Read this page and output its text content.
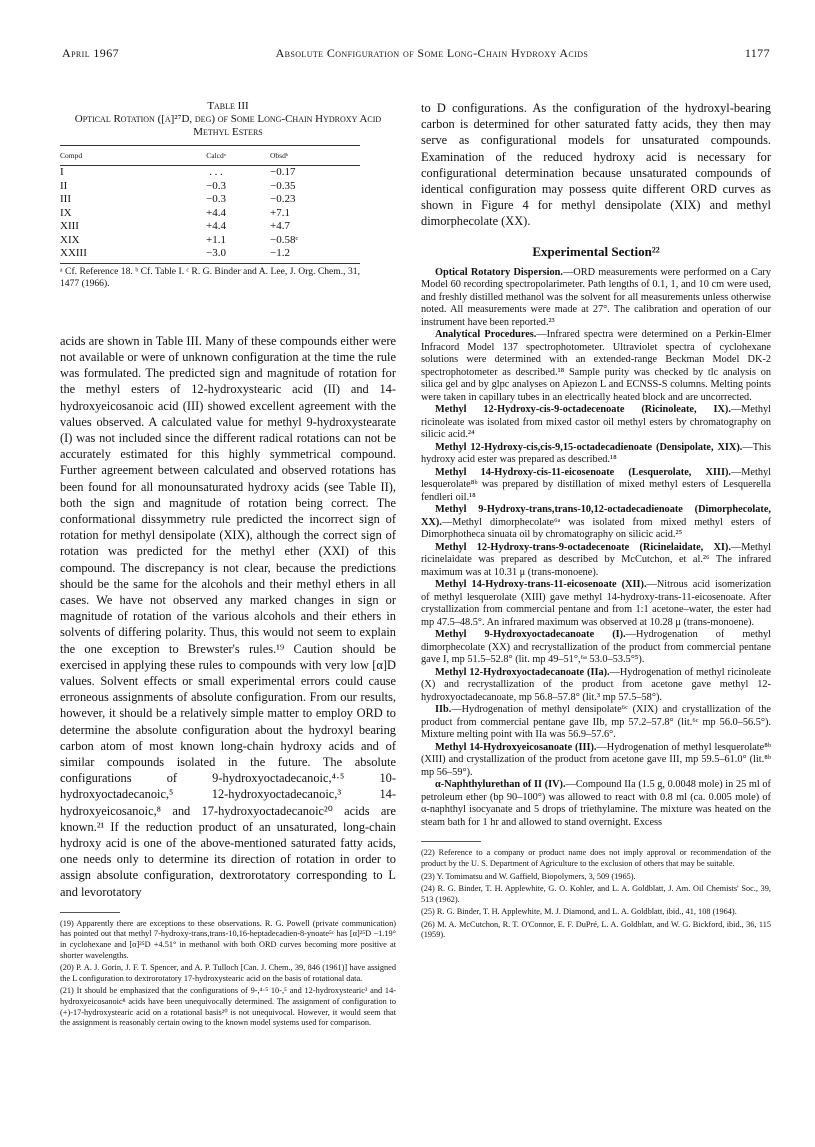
April 1967	Absolute Configuration of Some Long-Chain Hydroxy Acids	1177
Table III
Optical Rotation ([α]²⁷D, deg) of Some Long-Chain Hydroxy Acid Methyl Esters
Compd	Calcdᵃ	Obsdᵇ
I	. . .	−0.17
II	−0.3	−0.35
III	−0.3	−0.23
IX	+4.4	+7.1
XIII	+4.4	+4.7
XIX	+1.1	−0.58ᶜ
XXIII	−3.0	−1.2
ᵃ Cf. Reference 18. ᵇ Cf. Table I. ᶜ R. G. Binder and A. Lee, J. Org. Chem., 31, 1477 (1966).

acids are shown in Table III. Many of these compounds either were not available or were of unknown configuration at the time the rule was formulated. The predicted sign and magnitude of rotation for the methyl esters of 12-hydroxystearic acid (II) and 14-hydroxyeicosanoic acid (III) showed excellent agreement with the values observed. A calculated value for methyl 9-hydroxystearate (I) was not included since the different radical rotations can not be accurately estimated for this highly symmetrical compound. Further agreement between calculated and observed rotations has been found for all monounsaturated hydroxy acids (see Table II), both the sign and magnitude of rotation being correct. The conformational dissymmetry rule predicted the incorrect sign of rotation for methyl densipolate (XIX), although the correct sign of rotation was predicted for the methyl ether (XXI) of this compound. The discrepancy is not clear, because the predictions should be the same for the alcohols and their methyl ethers in all cases. We have not observed any marked changes in sign or magnitude of rotation of the various alcohols and their ethers in solvents of differing polarity. Thus, this would not seem to explain the one exception to Brewster's rules.¹⁹ Caution should be exercised in applying these rules to compounds with very low [α]D values. Solvent effects or small experimental errors could cause erroneous assignments of absolute configuration. From our results, however, it should be a relatively simple matter to employ ORD to determine the absolute configuration about the hydroxyl bearing carbon atom of most known long-chain hydroxy acids and of similar compounds isolated in the future. The absolute configurations of 9-hydroxyoctadecanoic,⁴·⁵ 10-hydroxyoctadecanoic,⁵ 12-hydroxyoctadecanoic,³ 14-hydroxyeicosanoic,⁸ and 17-hydroxyoctadecanoic²⁰ acids are known.²¹ If the reduction product of an unsaturated, long-chain hydroxy acid is one of the above-mentioned saturated fatty acids, one needs only to determine its direction of rotation in order to assign absolute configuration, dextrorotatory corresponding to L and levorotatory

(19) Apparently there are exceptions to these observations. R. G. Powell (private communication) has pointed out that methyl 7-hydroxy-trans,trans-10,16-heptadecadien-8-ynoate⁵ᶜ has [α]²⁵D −1.19° in cyclohexane and [α]²⁵D +4.51° in methanol with both ORD curves becoming more positive at shorter wavelengths.

(20) P. A. J. Gorin, J. F. T. Spencer, and A. P. Tulloch [Can. J. Chem., 39, 846 (1961)] have assigned the L configuration to dextrorotatory 17-hydroxystearic acid on the basis of rotational data.

(21) It should be emphasized that the configurations of 9-,⁴·⁵ 10-,⁵ and 12-hydroxystearic³ and 14-hydroxyeicosanoic⁸ acids have been unequivocally determined. The assignment of configuration to (+)-17-hydroxystearic acid on a rotational basis²⁰ is not unequivocal. However, it would seem that the assignment is reasonably certain owing to the known model systems used for comparison.

to D configurations. As the configuration of the hydroxyl-bearing carbon is determined for other saturated fatty acids, they then may serve as configurational models for unsaturated compounds. Examination of the reduced hydroxy acid is necessary for configurational determination because unsaturated compounds of identical configuration may possess quite different ORD curves as shown in Figure 4 for methyl densipolate (XIX) and methyl dimorphecolate (XX).

Experimental Section²²

Optical Rotatory Dispersion.—ORD measurements were performed on a Cary Model 60 recording spectropolarimeter. Path lengths of 0.1, 1, and 10 cm were used, and freshly distilled methanol was the solvent for all measurements unless otherwise noted. All measurements were made at 27°. The calibration and operation of our instrument have been reported.²³

Analytical Procedures.—Infrared spectra were determined on a Perkin-Elmer Infracord Model 137 spectrophotometer. Ultraviolet spectra of cyclohexane solutions were determined with an extended-range Beckman Model DK-2 spectrophotometer as described.¹⁸ Sample purity was checked by tlc analysis on silica gel and by glpc analyses on Apiezon L and ECNSS-S columns. Melting points were taken in capillary tubes in an electrically heated block and are uncorrected.

Methyl 12-Hydroxy-cis-9-octadecenoate (Ricinoleate, IX).—Methyl ricinoleate was isolated from mixed castor oil methyl esters by chromatography on silicic acid.²⁴

Methyl 12-Hydroxy-cis,cis-9,15-octadecadienoate (Densipolate, XIX).—This hydroxy acid ester was prepared as described.¹⁸

Methyl 14-Hydroxy-cis-11-eicosenoate (Lesquerolate, XIII).—Methyl lesquerolate⁸ᵇ was prepared by distillation of mixed methyl esters of Lesquerella fendleri oil.¹⁸

Methyl 9-Hydroxy-trans,trans-10,12-octadecadienoate (Dimorphecolate, XX).—Methyl dimorphecolate⁶ᵃ was isolated from mixed methyl esters of Dimorphotheca sinuata oil by chromatography on silicic acid.²⁵

Methyl 12-Hydroxy-trans-9-octadecenoate (Ricinelaidate, XI).—Methyl ricinelaidate was prepared as described by McCutchon, et al.²⁶ The infrared maximum was at 10.31 μ (trans-monoene).

Methyl 14-Hydroxy-trans-11-eicosenoate (XII).—Nitrous acid isomerization of methyl lesquerolate (XIII) gave methyl 14-hydroxy-trans-11-eicosenoate. After crystallization from commercial pentane and from 1:1 acetone–water, the ester had mp 47.5–48.5°. An infrared maximum was observed at 10.28 μ (trans-monoene).

Methyl 9-Hydroxyoctadecanoate (I).—Hydrogenation of methyl dimorphecolate (XX) and recrystallization of the product from commercial pentane gave I, mp 51.5–52.8° (lit. mp 49–51°,⁶ᵃ 53.0–53.5°⁵).

Methyl 12-Hydroxyoctadecanoate (IIa).—Hydrogenation of methyl ricinoleate (X) and recrystallization of the product from acetone gave methyl 12-hydroxyoctadecanoate, mp 56.8–57.8° (lit.³ mp 57.5–58°).

IIb.—Hydrogenation of methyl densipolate⁶ᶜ (XIX) and crystallization of the product from commercial pentane gave IIb, mp 57.2–57.8° (lit.⁶ᶜ mp 56.0–56.5°). Mixture melting point with IIa was 56.9–57.6°.

Methyl 14-Hydroxyeicosanoate (III).—Hydrogenation of methyl lesquerolate⁸ᵇ (XIII) and crystallization of the product from acetone gave III, mp 59.5–61.0° (lit.⁸ᵇ mp 56–59°).

α-Naphthylurethan of II (IV).—Compound IIa (1.5 g, 0.0048 mole) in 25 ml of petroleum ether (bp 90–100°) was allowed to react with 0.8 ml (ca. 0.005 mole) of α-naphthyl isocyanate and 5 drops of triethylamine. The mixture was heated on the steam bath for 1 hr and allowed to stand overnight. Excess

(22) Reference to a company or product name does not imply approval or recommendation of the product by the U. S. Department of Agriculture to the exclusion of others that may be suitable.

(23) Y. Tomimatsu and W. Gaffield, Biopolymers, 3, 509 (1965).

(24) R. G. Binder, T. H. Applewhite, G. O. Kohler, and L. A. Goldblatt, J. Am. Oil Chemists' Soc., 39, 513 (1962).

(25) R. G. Binder, T. H. Applewhite, M. J. Diamond, and L. A. Goldblatt, ibid., 41, 108 (1964).

(26) M. A. McCutchon, R. T. O'Connor, E. F. DuPré, L. A. Goldblatt, and W. G. Bickford, ibid., 36, 115 (1959).
